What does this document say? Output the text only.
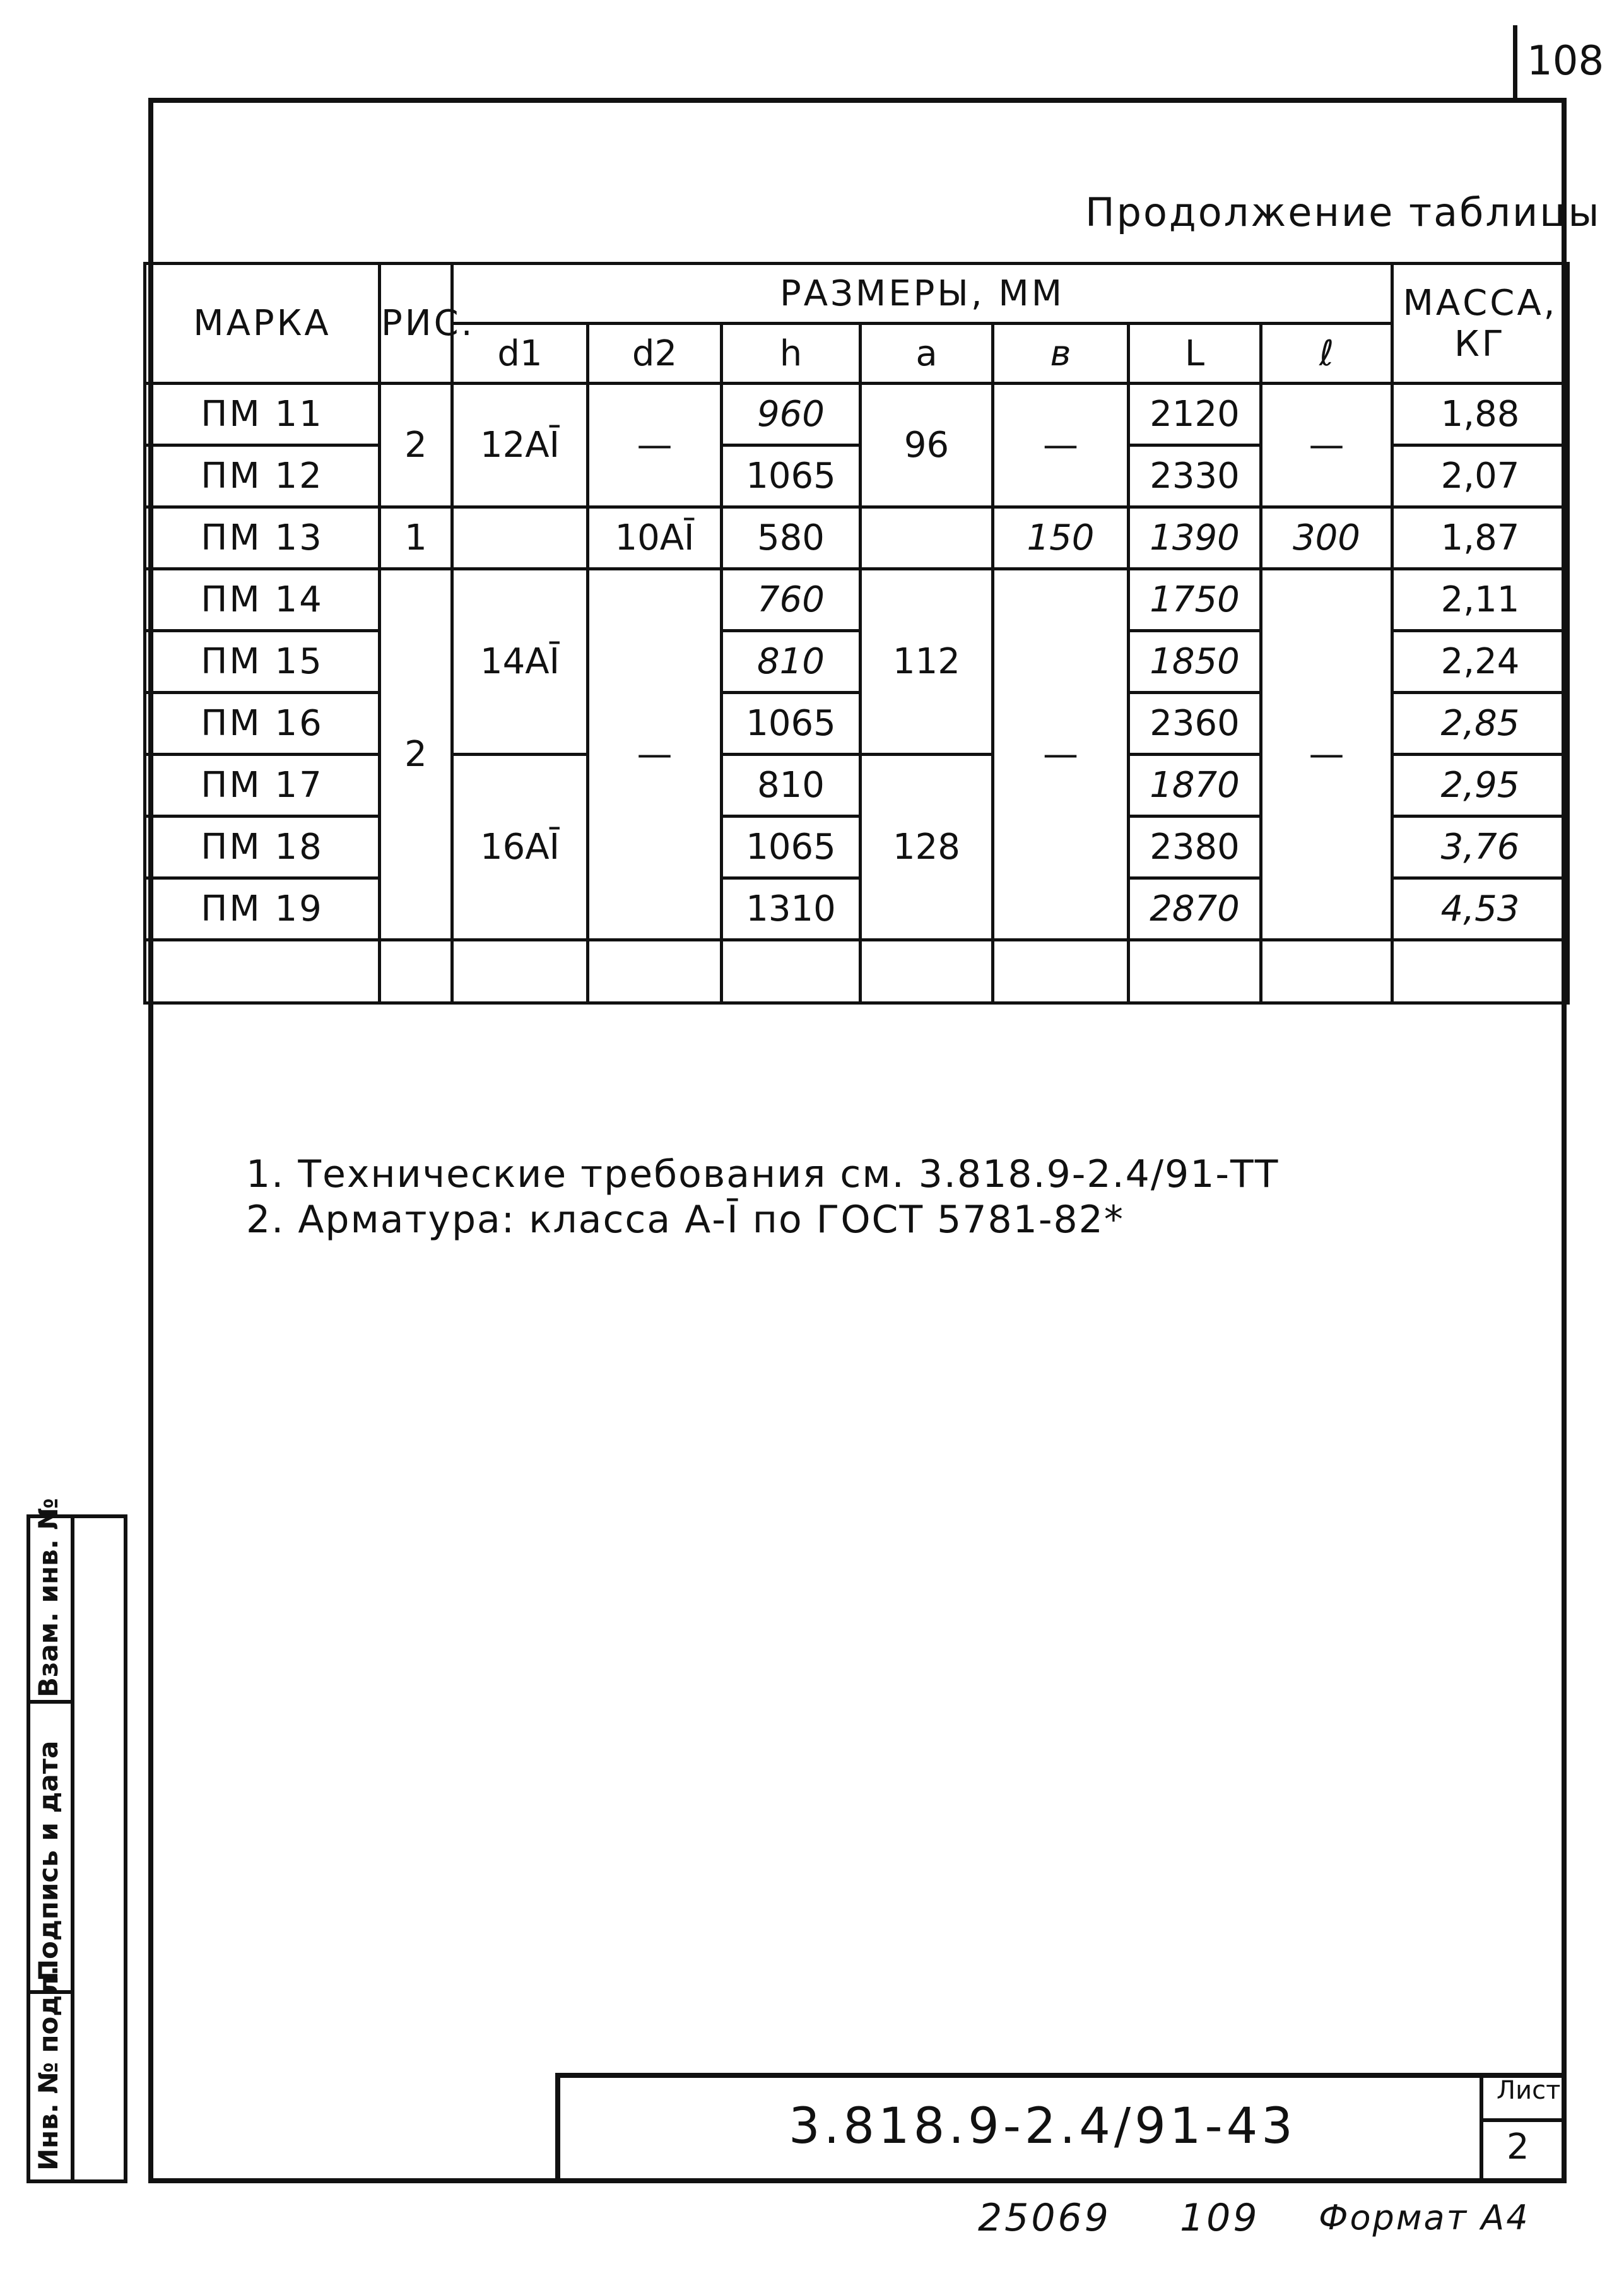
108
Продолжение таблицы
МАРКА	РИС.	РАЗМЕРЫ, ММ							МАССА, КГ
		d1	d2	h	a	в	L	ℓ	
ПМ 11	2	12AĪ	—	960	96	—	2120	—	1,88
ПМ 12				1065			2330		2,07
ПМ 13	1		10AĪ	580		150	1390	300	1,87
ПМ 14	2	14AĪ	—	760	112	—	1750	—	2,11
ПМ 15				810			1850		2,24
ПМ 16				1065			2360		2,85
ПМ 17		16AĪ		810	128		1870		2,95
ПМ 18				1065			2380		3,76
ПМ 19				1310			2870		4,53

1. Технические требования см. 3.818.9-2.4/91-ТТ
2. Арматура: класса А-Ī по ГОСТ 5781-82*
Инв. № подл.
Подпись и дата
Взам. инв. №
3.818.9-2.4/91-43
Лист
2
25069 109 Формат А4
